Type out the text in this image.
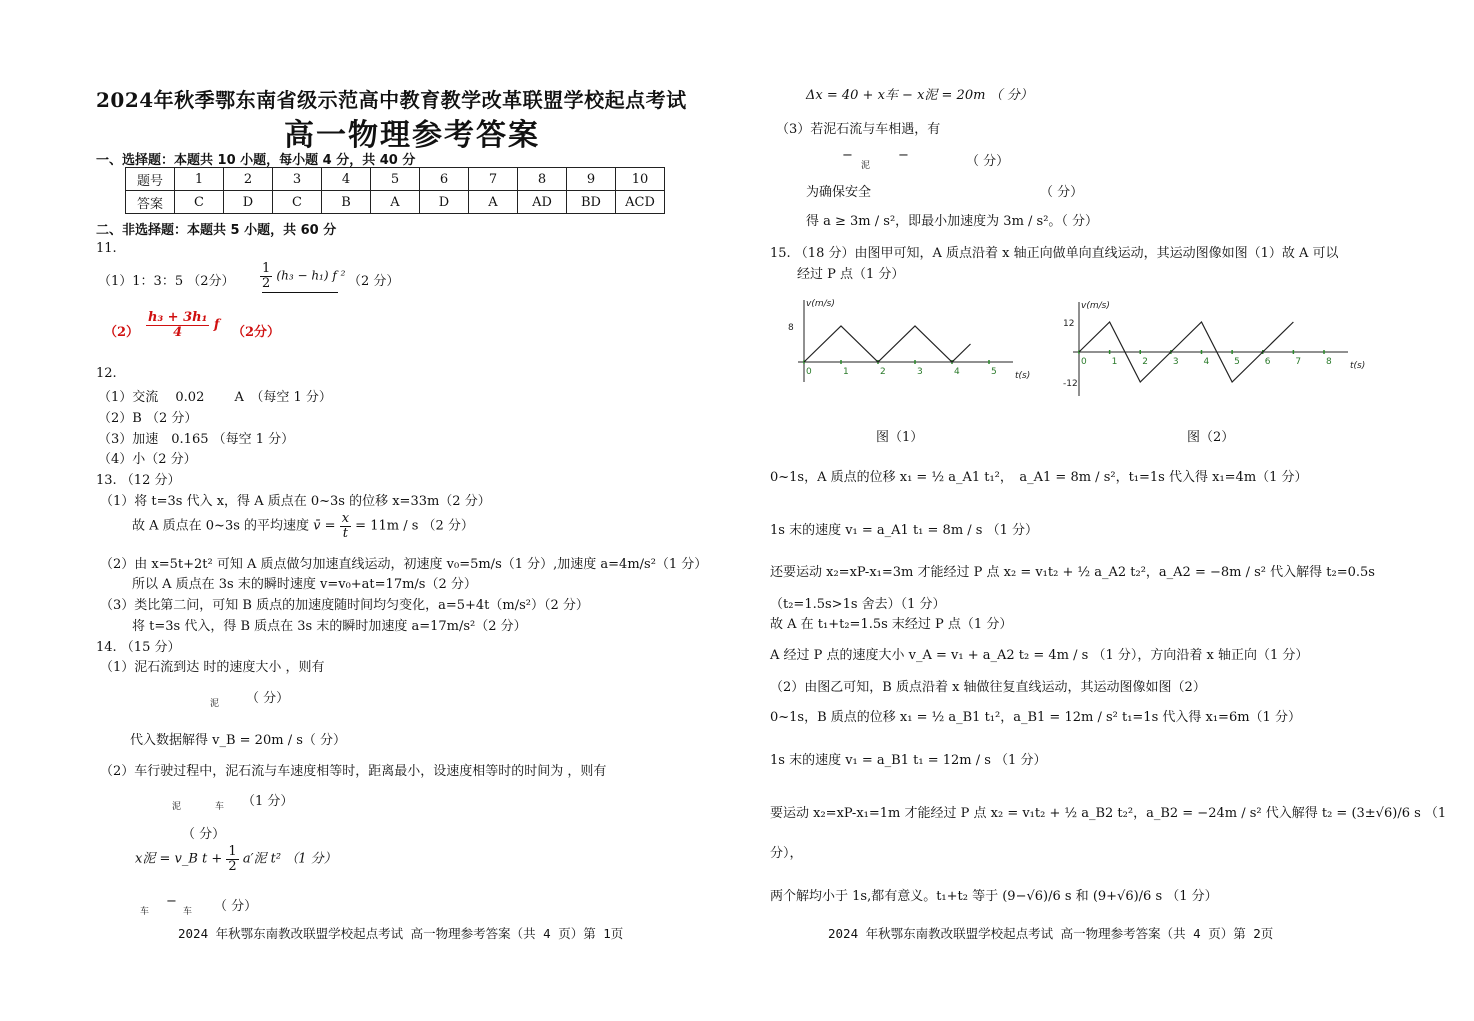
2024年秋季鄂东南省级示范高中教育教学改革联盟学校起点考试
高一物理参考答案
一、选择题：本题共 10 小题，每小题 4 分，共 40 分
题号	1	2	3	4	5	6	7	8	9	10
答案	C	D	C	B	A	D	A	AD	BD	ACD
二、非选择题：本题共 5 小题，共 60 分
11.
（1）1：3：5 （2分） $\frac{1}{2} (h_3 - h_1)$ f ² （2 分）
$(2) \frac{\text{h₃ + 3h₁}}{4}$ f （2分）
12.
（1）交流　 0.02　 　A　（每空 1 分）
（2）B （2 分）
（3）加速　0.165 （每空 1 分）
（4）小（2 分）
13. （12 分）
（1）将 t=3s 代入 x，得 A 质点在 0~3s 的位移 x=33m（2 分）
故 A 质点在 0~3s 的平均速度 v̄ = $\frac{x}{t} = 11m / s$ （2 分）
（2）由 x=5t+2t² 可知 A 质点做匀加速直线运动，初速度 v₀=5m/s（1 分）,加速度 a=4m/s²（1 分）
所以 A 质点在 3s 末的瞬时速度 v=v₀+at=17m/s（2 分）
（3）类比第二问，可知 B 质点的加速度随时间均匀变化，a=5+4t（m/s²）（2 分）
将 t=3s 代入，得 B 质点在 3s 末的瞬时加速度 a=17m/s²（2 分）
14. （15 分）
（1）泥石流到达 时的速度大小 ，则有
泥 （ 分）
代入数据解得 v_B = 20m / s（ 分）
（2）车行驶过程中，泥石流与车速度相等时，距离最小，设速度相等时的时间为 ，则有
泥	车 （1 分）
（ 分）
x泥 = v_B $t + \frac{1}{2} a'$泥 t² （1 分）
车
−
车 （ 分）
2024 年秋鄂东南教改联盟学校起点考试 高一物理参考答案（共 4 页）第 1页
Δx = 40 + x车 − x泥 = 20m （ 分）
（3）若泥石流与车相遇，有
−
泥
−	（ 分）
为确保安全	（ 分）
得 a ≥ 3m / s²，即最小加速度为 3m / s²。（ 分）
15. （18 分）由图甲可知，A 质点沿着 x 轴正向做单向直线运动，其运动图像如图（1）故 A 可以
经过 P 点（1 分）
0	1	2	3	4	5
8
v(m/s)
t(s)
0	1	2	3	4	5	6	7	8
12
-12
v(m/s)
t(s)
图（1）	图（2）
0~1s，A 质点的位移 x₁ = ½ a_A1 t₁²，　a_A1 = 8m / s²，t₁=1s 代入得 x₁=4m（1 分）
1s 末的速度 v₁ = a_A1 t₁ = 8m / s （1 分）
还要运动 x₂=xP-x₁=3m 才能经过 P 点 x₂ = v₁t₂ + ½ a_A2 t₂²，a_A2 = −8m / s² 代入解得 t₂=0.5s
（t₂=1.5s>1s 舍去）（1 分）
故 A 在 t₁+t₂=1.5s 末经过 P 点（1 分）
A 经过 P 点的速度大小 v_A = v₁ + a_A2 t₂ = 4m / s （1 分），方向沿着 x 轴正向（1 分）
（2）由图乙可知，B 质点沿着 x 轴做往复直线运动，其运动图像如图（2）
0~1s，B 质点的位移 x₁ = ½ a_B1 t₁²，a_B1 = 12m / s² t₁=1s 代入得 x₁=6m（1 分）
1s 末的速度 v₁ = a_B1 t₁ = 12m / s （1 分）
要运动 x₂=xP-x₁=1m 才能经过 P 点 x₂ = v₁t₂ + ½ a_B2 t₂²，a_B2 = −24m / s² 代入解得 t₂ = (3±√6)/6 s （1
分），
两个解均小于 1s,都有意义。t₁+t₂ 等于 (9−√6)/6 s 和 (9+√6)/6 s （1 分）
2024 年秋鄂东南教改联盟学校起点考试 高一物理参考答案（共 4 页）第 2页
